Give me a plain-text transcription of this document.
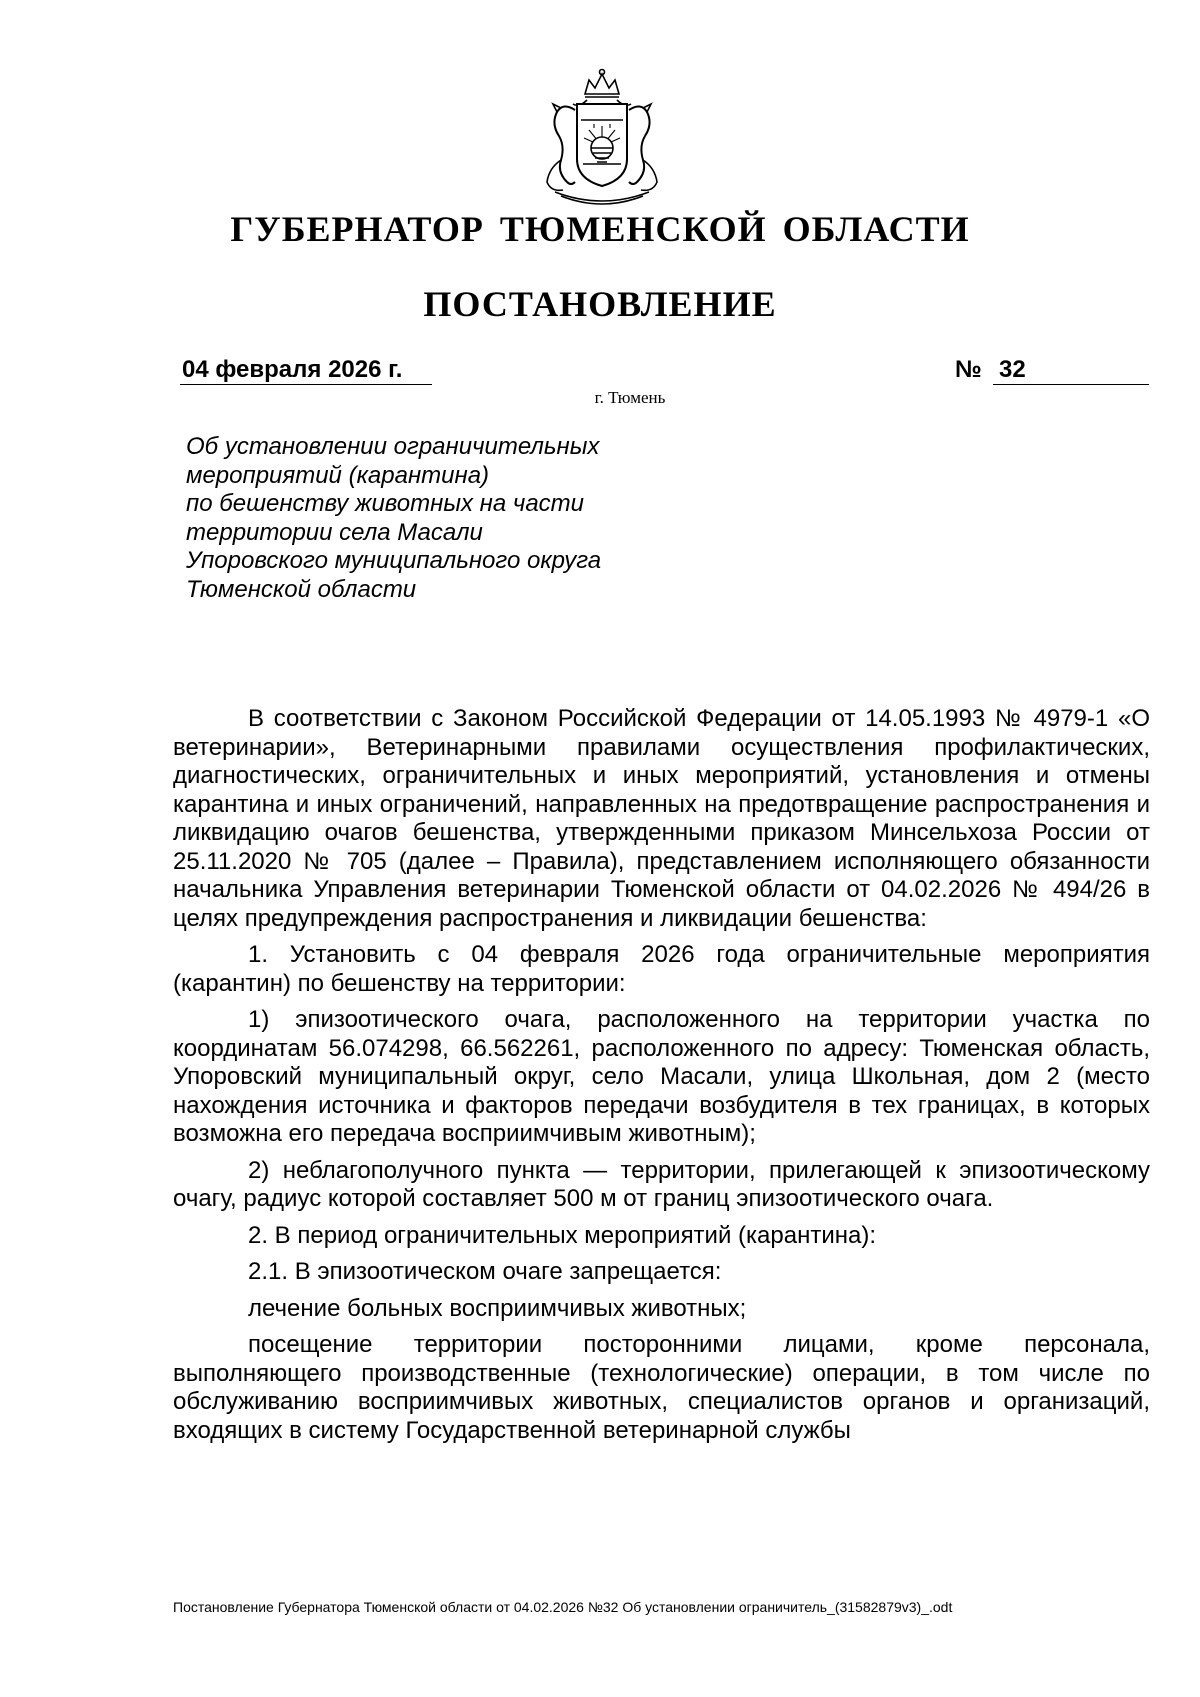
ГУБЕРНАТОР ТЮМЕНСКОЙ ОБЛАСТИ
ПОСТАНОВЛЕНИЕ
04 февраля 2026 г.	№ 32
г. Тюмень
Об установлении ограничительных
мероприятий (карантина)
по бешенству животных на части
территории села Масали
Упоровского муниципального округа
Тюменской области

В соответствии с Законом Российской Федерации от 14.05.1993 № 4979-1 «О ветеринарии», Ветеринарными правилами осуществления профилактических, диагностических, ограничительных и иных мероприятий, установления и отмены карантина и иных ограничений, направленных на предотвращение распространения и ликвидацию очагов бешенства, утвержденными приказом Минсельхоза России от 25.11.2020 № 705 (далее – Правила), представлением исполняющего обязанности начальника Управления ветеринарии Тюменской области от 04.02.2026 № 494/26 в целях предупреждения распространения и ликвидации бешенства:

1. Установить с 04 февраля 2026 года ограничительные мероприятия (карантин) по бешенству на территории:

1) эпизоотического очага, расположенного на территории участка по координатам 56.074298, 66.562261, расположенного по адресу: Тюменская область, Упоровский муниципальный округ, село Масали, улица Школьная, дом 2 (место нахождения источника и факторов передачи возбудителя в тех границах, в которых возможна его передача восприимчивым животным);

2) неблагополучного пункта — территории, прилегающей к эпизоотическому очагу, радиус которой составляет 500 м от границ эпизоотического очага.

2. В период ограничительных мероприятий (карантина):

2.1. В эпизоотическом очаге запрещается:

лечение больных восприимчивых животных;

посещение территории посторонними лицами, кроме персонала, выполняющего производственные (технологические) операции, в том числе по обслуживанию восприимчивых животных, специалистов органов и организаций, входящих в систему Государственной ветеринарной службы

Постановление Губернатора Тюменской области от 04.02.2026 №32 Об установлении ограничитель_(31582879v3)_.odt
